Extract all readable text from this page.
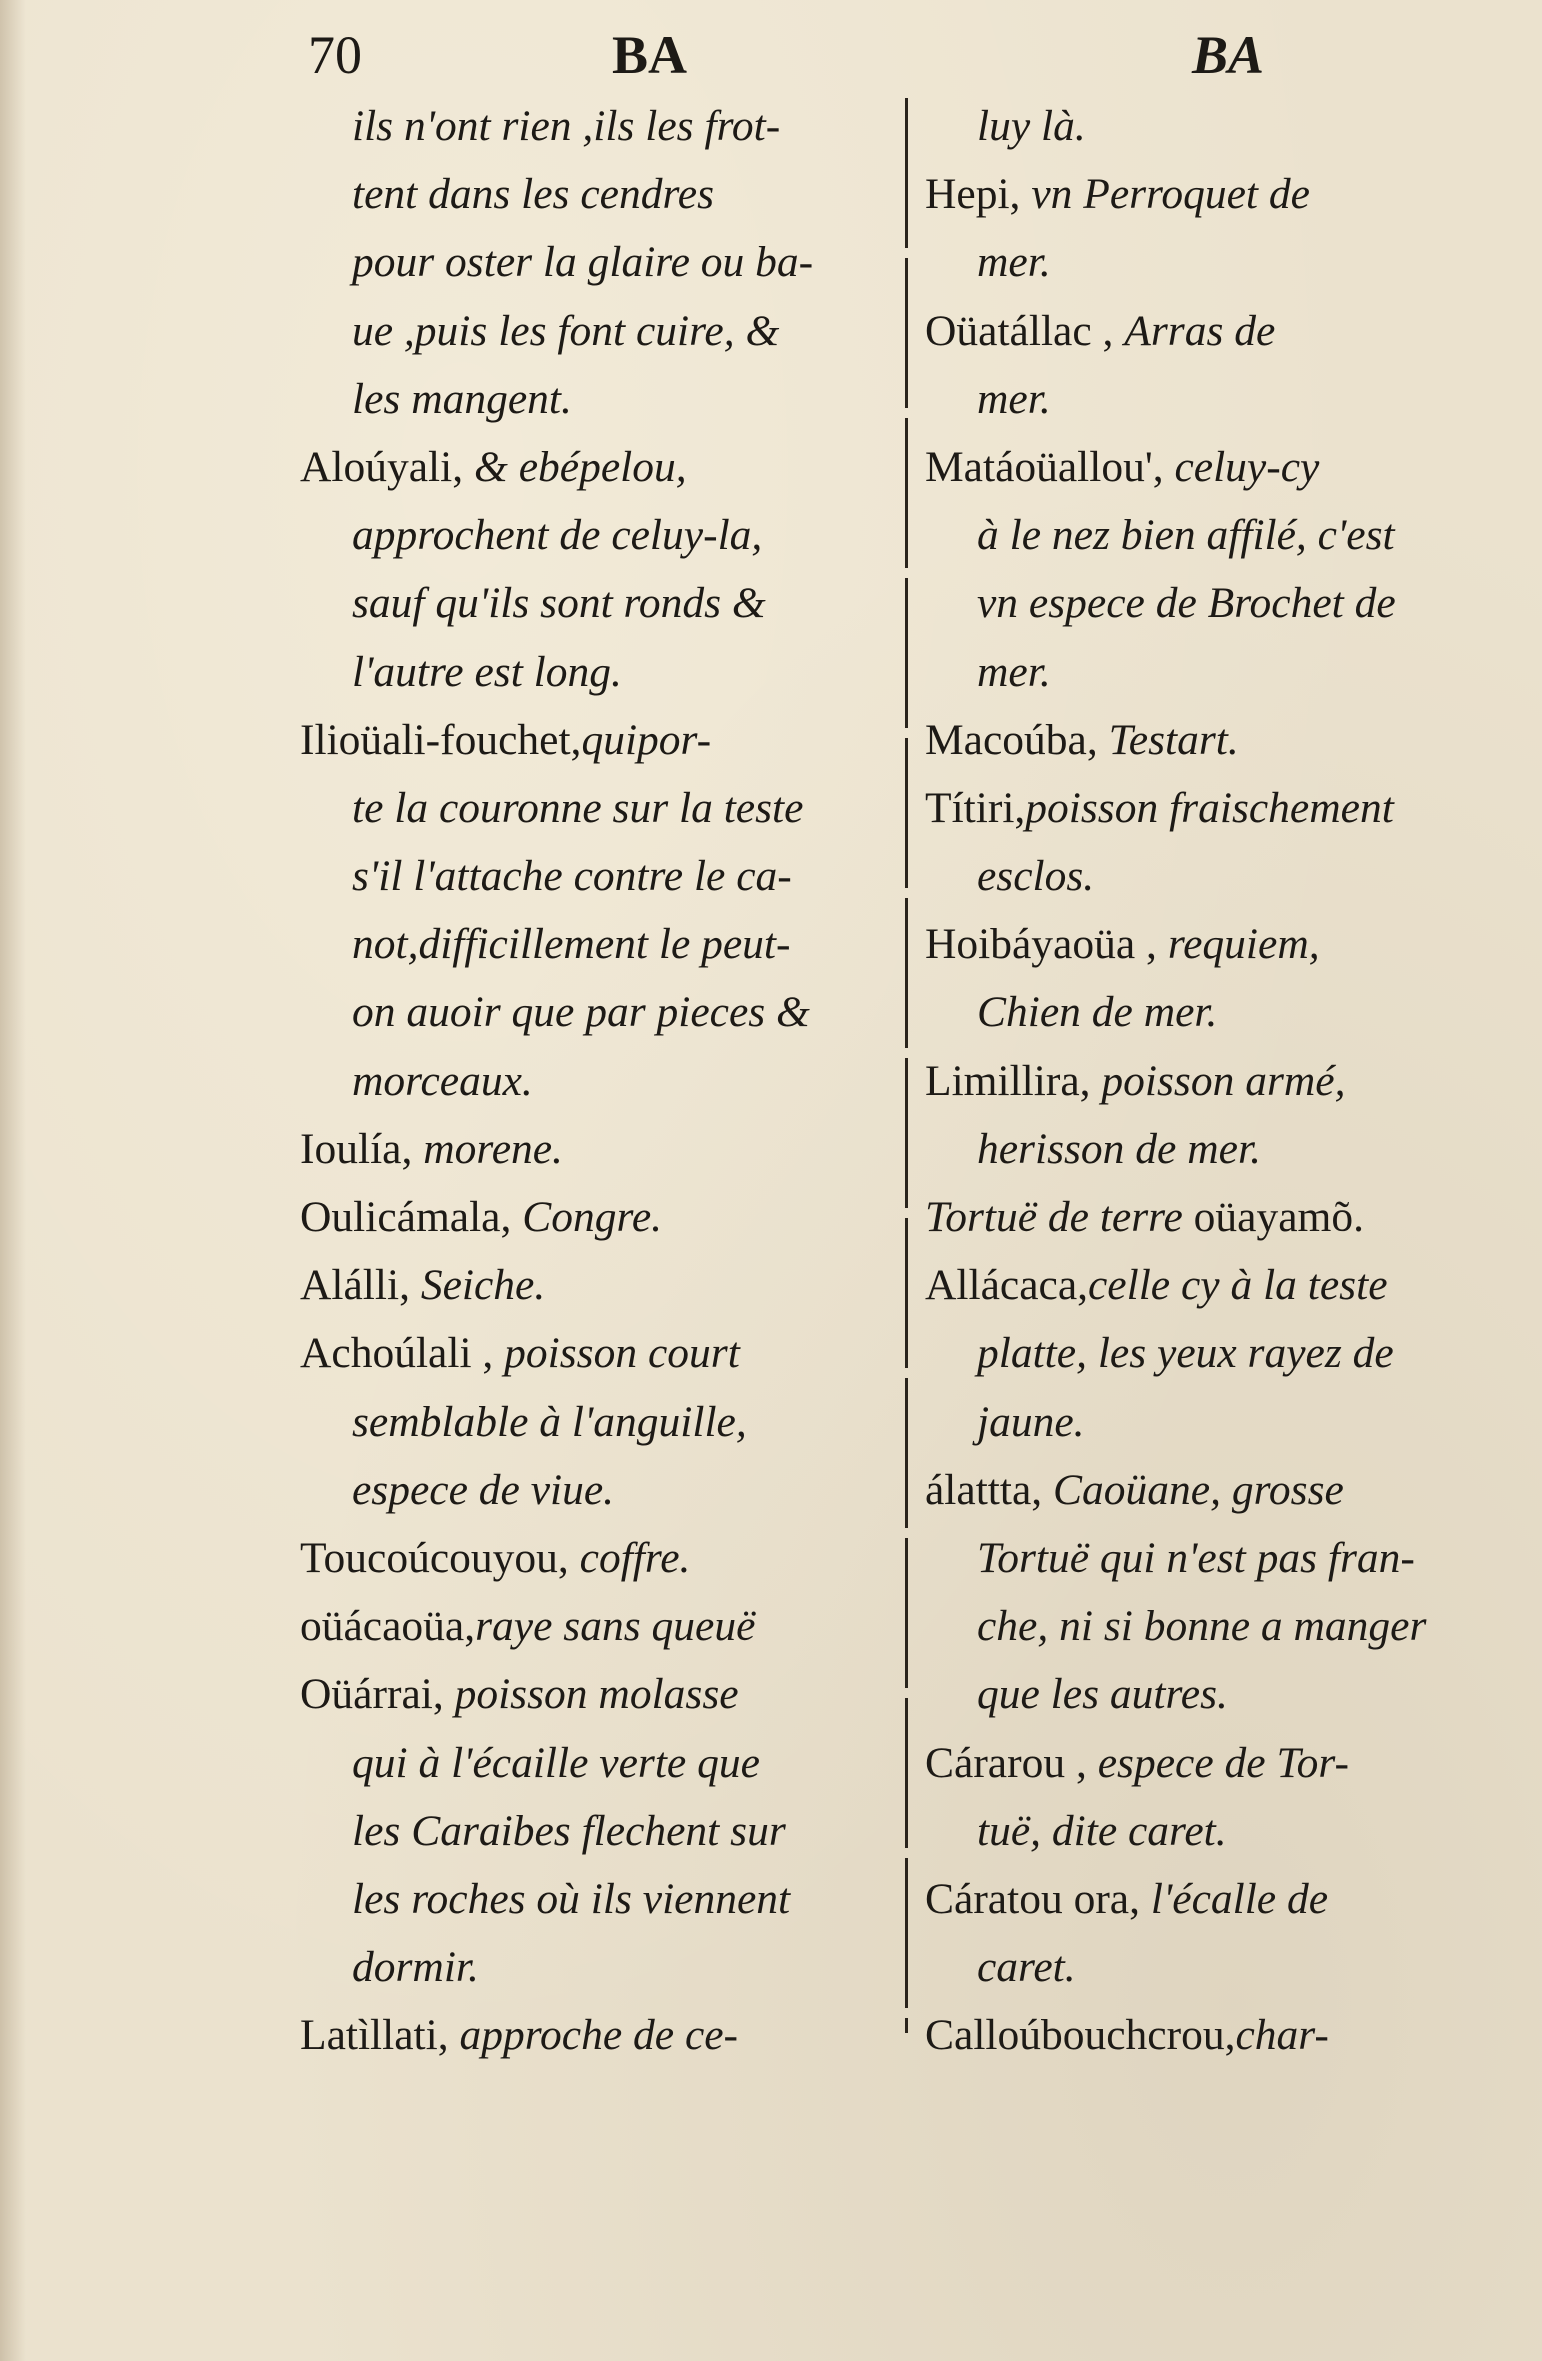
70	BA	BA
ils n'ont rien ,ils les frot-
tent dans les cendres
pour oster la glaire ou ba-
ue ,puis les font cuire, &
les mangent.
Aloúyali, & ebépelou,
approchent de celuy-la,
sauf qu'ils sont ronds &
l'autre est long.
Ilioüali-fouchet,quipor-
te la couronne sur la teste
s'il l'attache contre le ca-
not,difficillement le peut-
on auoir que par pieces &
morceaux.
Ioulía, morene.
Oulicámala, Congre.
Alálli, Seiche.
Achoúlali , poisson court
semblable à l'anguille,
espece de viue.
Toucoúcouyou, coffre.
oüácaoüa,raye sans queuë
Oüárrai, poisson molasse
qui à l'écaille verte que
les Caraibes flechent sur
les roches où ils viennent
dormir.
Latìllati, approche de ce-
luy là.
Hepi, vn Perroquet de
mer.
Oüatállac , Arras de
mer.
Matáoüallou', celuy-cy
à le nez bien affilé, c'est
vn espece de Brochet de
mer.
Macoúba, Testart.
Títiri,poisson fraischement
esclos.
Hoibáyaoüa , requiem,
Chien de mer.
Limillira, poisson armé,
herisson de mer.
Tortuë de terre oüayamõ.
Allácaca,celle cy à la teste
platte, les yeux rayez de
jaune.
álattta, Caoüane, grosse
Tortuë qui n'est pas fran-
che, ni si bonne a manger
que les autres.
Cárarou , espece de Tor-
tuë, dite caret.
Cáratou ora, l'écalle de
caret.
Calloúbouchcrou,char-
